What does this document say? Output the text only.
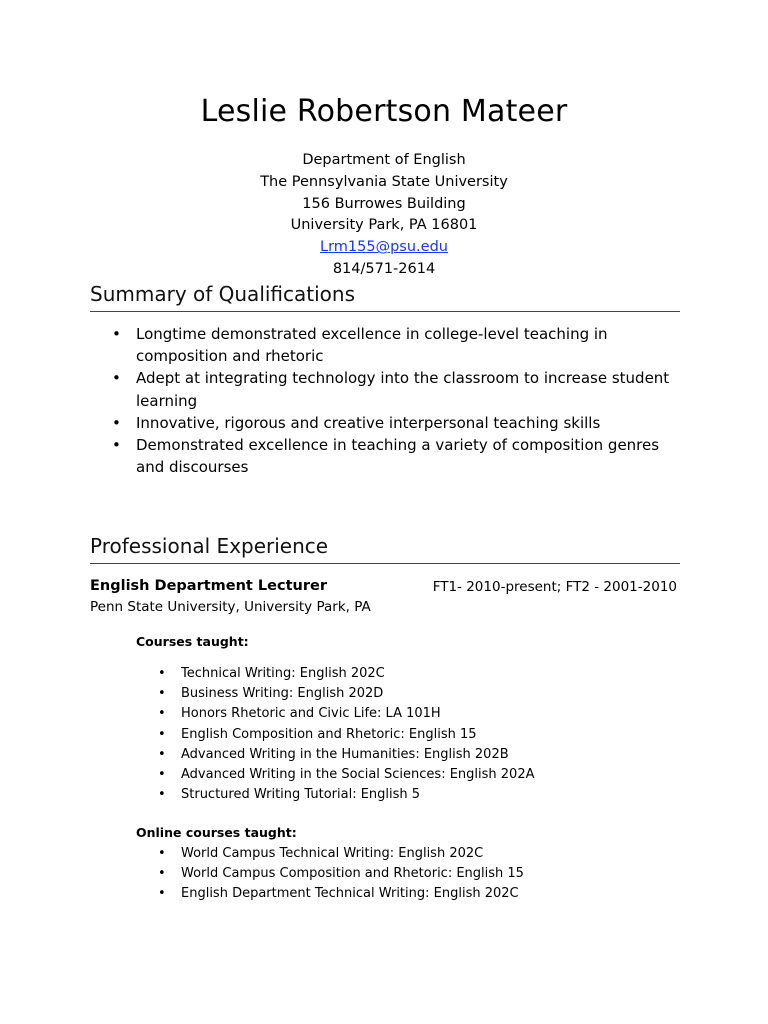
Leslie Robertson Mateer
Department of English
The Pennsylvania State University
156 Burrowes Building
University Park, PA 16801
Lrm155@psu.edu
814/571-2614
Summary of Qualifications
• Longtime demonstrated excellence in college-level teaching in composition and rhetoric
• Adept at integrating technology into the classroom to increase student learning
• Innovative, rigorous and creative interpersonal teaching skills
• Demonstrated excellence in teaching a variety of composition genres and discourses
Professional Experience
English Department Lecturer	FT1- 2010-present; FT2 - 2001-2010
Penn State University, University Park, PA
Courses taught:
• Technical Writing: English 202C
• Business Writing: English 202D
• Honors Rhetoric and Civic Life: LA 101H
• English Composition and Rhetoric: English 15
• Advanced Writing in the Humanities: English 202B
• Advanced Writing in the Social Sciences: English 202A
• Structured Writing Tutorial: English 5
Online courses taught:
• World Campus Technical Writing: English 202C
• World Campus Composition and Rhetoric: English 15
• English Department Technical Writing: English 202C
